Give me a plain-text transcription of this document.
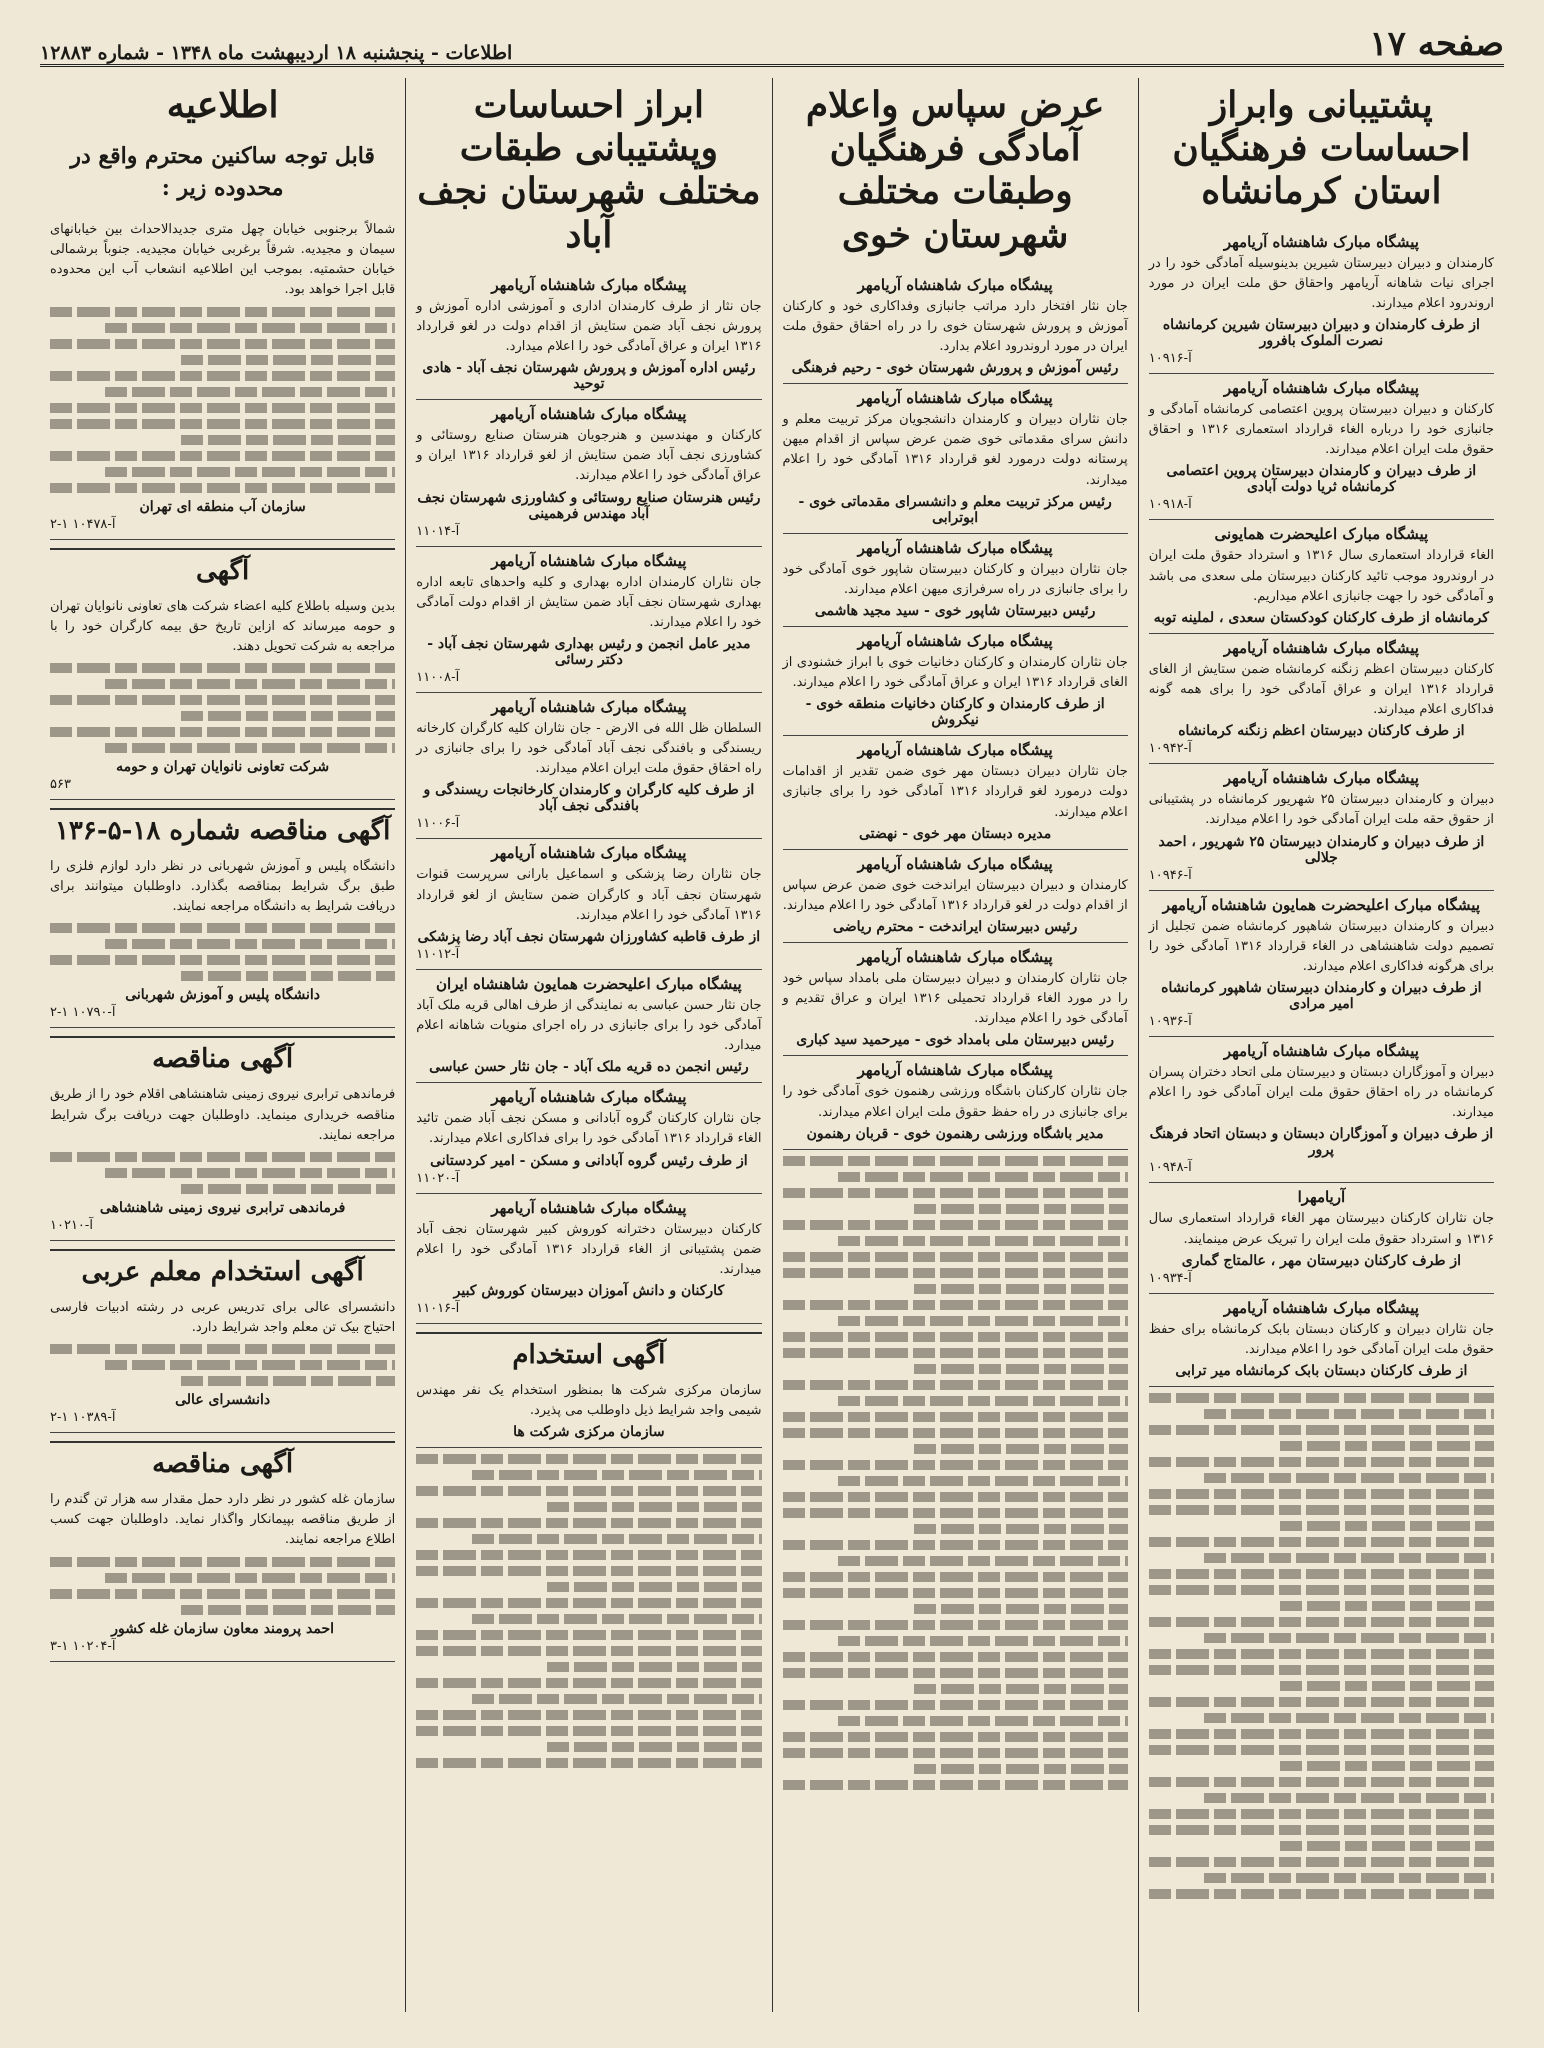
صفحه ۱۷
اطلاعات - پنجشنبه ۱۸ اردیبهشت ماه ۱۳۴۸ - شماره ۱۲۸۸۳
پشتیبانی وابراز احساسات فرهنگیان استان کرمانشاه
پیشگاه مبارک شاهنشاه آریامهر

کارمندان و دبیران دبیرستان شیرین بدینوسیله آمادگی خود را در اجرای نیات شاهانه آریامهر واحقاق حق ملت ایران در مورد اروندرود اعلام میدارند.

از طرف کارمندان و دبیران دبیرستان شیرین کرمانشاه نصرت الملوک بافرور
آ-۱۰۹۱۶
پیشگاه مبارک شاهنشاه آریامهر

کارکنان و دبیران دبیرستان پروین اعتصامی کرمانشاه آمادگی و جانبازی خود را درباره الغاء قرارداد استعماری ۱۳۱۶ و احقاق حقوق ملت ایران اعلام میدارند.

از طرف دبیران و کارمندان دبیرستان پروین اعتصامی کرمانشاه ثریا دولت آبادی
آ-۱۰۹۱۸
پیشگاه مبارک اعلیحضرت همایونی

الغاء قرارداد استعماری سال ۱۳۱۶ و استرداد حقوق ملت ایران در اروندرود موجب تائید کارکنان دبیرستان ملی سعدی می باشد و آمادگی خود را جهت جانبازی اعلام میداریم.

کرمانشاه از طرف کارکنان کودکستان سعدی ، لملینه توبه
پیشگاه مبارک شاهنشاه آریامهر

کارکنان دبیرستان اعظم زنگنه کرمانشاه ضمن ستایش از الغای قرارداد ۱۳۱۶ ایران و عراق آمادگی خود را برای همه گونه فداکاری اعلام میدارند.

از طرف کارکنان دبیرستان اعظم زنگنه کرمانشاه
آ-۱۰۹۴۲
پیشگاه مبارک شاهنشاه آریامهر

دبیران و کارمندان دبیرستان ۲۵ شهریور کرمانشاه در پشتیبانی از حقوق حقه ملت ایران آمادگی خود را اعلام میدارند.

از طرف دبیران و کارمندان دبیرستان ۲۵ شهریور ، احمد جلالی
آ-۱۰۹۴۶
پیشگاه مبارک اعلیحضرت همایون شاهنشاه آریامهر

دبیران و کارمندان دبیرستان شاهپور کرمانشاه ضمن تجلیل از تصمیم دولت شاهنشاهی در الغاء قرارداد ۱۳۱۶ آمادگی خود را برای هرگونه فداکاری اعلام میدارند.

از طرف دبیران و کارمندان دبیرستان شاهپور کرمانشاه امیر مرادی
آ-۱۰۹۳۶
پیشگاه مبارک شاهنشاه آریامهر

دبیران و آموزگاران دبستان و دبیرستان ملی اتحاد دختران پسران کرمانشاه در راه احقاق حقوق ملت ایران آمادگی خود را اعلام میدارند.

از طرف دبیران و آموزگاران دبستان و دبستان اتحاد فرهنگ پرور
آ-۱۰۹۴۸
آریامهرا

جان نثاران کارکنان دبیرستان مهر الغاء قرارداد استعماری سال ۱۳۱۶ و استرداد حقوق ملت ایران را تبریک عرض مینمایند.

از طرف کارکنان دبیرستان مهر ، عالمتاج گماری
آ-۱۰۹۳۴
پیشگاه مبارک شاهنشاه آریامهر

جان نثاران دبیران و کارکنان دبستان بابک کرمانشاه برای حفظ حقوق ملت ایران آمادگی خود را اعلام میدارند.

از طرف کارکنان دبستان بابک کرمانشاه میر ترابی
عرض سپاس واعلام آمادگی فرهنگیان وطبقات مختلف شهرستان خوی
پیشگاه مبارک شاهنشاه آریامهر

جان نثار افتخار دارد مراتب جانبازی وفداکاری خود و کارکنان آموزش و پرورش شهرستان خوی را در راه احقاق حقوق ملت ایران در مورد اروندرود اعلام بدارد.

رئیس آموزش و پرورش شهرستان خوی - رحیم فرهنگی
پیشگاه مبارک شاهنشاه آریامهر

جان نثاران دبیران و کارمندان دانشجویان مرکز تربیت معلم و دانش سرای مقدماتی خوی ضمن عرض سپاس از اقدام میهن پرستانه دولت درمورد لغو قرارداد ۱۳۱۶ آمادگی خود را اعلام میدارند.

رئیس مرکز تربیت معلم و دانشسرای مقدماتی خوی - ابوترابی
پیشگاه مبارک شاهنشاه آریامهر

جان نثاران دبیران و کارکنان دبیرستان شاپور خوی آمادگی خود را برای جانبازی در راه سرفرازی میهن اعلام میدارند.

رئیس دبیرستان شاپور خوی - سید مجید هاشمی
پیشگاه مبارک شاهنشاه آریامهر

جان نثاران کارمندان و کارکنان دخانیات خوی با ابراز خشنودی از الغای قرارداد ۱۳۱۶ ایران و عراق آمادگی خود را اعلام میدارند.

از طرف کارمندان و کارکنان دخانیات منطقه خوی - نیکروش
پیشگاه مبارک شاهنشاه آریامهر

جان نثاران دبیران دبستان مهر خوی ضمن تقدیر از اقدامات دولت درمورد لغو قرارداد ۱۳۱۶ آمادگی خود را برای جانبازی اعلام میدارند.

مدیره دبستان مهر خوی - نهضتی
پیشگاه مبارک شاهنشاه آریامهر

کارمندان و دبیران دبیرستان ایراندخت خوی ضمن عرض سپاس از اقدام دولت در لغو قرارداد ۱۳۱۶ آمادگی خود را اعلام میدارند.

رئیس دبیرستان ایراندخت - محترم ریاضی
پیشگاه مبارک شاهنشاه آریامهر

جان نثاران کارمندان و دبیران دبیرستان ملی بامداد سپاس خود را در مورد الغاء قرارداد تحمیلی ۱۳۱۶ ایران و عراق تقدیم و آمادگی خود را اعلام میدارند.

رئیس دبیرستان ملی بامداد خوی - میرحمید سید کباری
پیشگاه مبارک شاهنشاه آریامهر

جان نثاران کارکنان باشگاه ورزشی رهنمون خوی آمادگی خود را برای جانبازی در راه حفظ حقوق ملت ایران اعلام میدارند.

مدیر باشگاه ورزشی رهنمون خوی - قربان رهنمون
ابراز احساسات وپشتیبانی طبقات مختلف شهرستان نجف آباد
پیشگاه مبارک شاهنشاه آریامهر

جان نثار از طرف کارمندان اداری و آموزشی اداره آموزش و پرورش نجف آباد ضمن ستایش از اقدام دولت در لغو قرارداد ۱۳۱۶ ایران و عراق آمادگی خود را اعلام میدارد.

رئیس اداره آموزش و پرورش شهرستان نجف آباد - هادی توحید
پیشگاه مبارک شاهنشاه آریامهر

کارکنان و مهندسین و هنرجویان هنرستان صنایع روستائی و کشاورزی نجف آباد ضمن ستایش از لغو قرارداد ۱۳۱۶ ایران و عراق آمادگی خود را اعلام میدارند.

رئیس هنرستان صنایع روستائی و کشاورزی شهرستان نجف آباد مهندس فرهمینی
آ-۱۱۰۱۴
پیشگاه مبارک شاهنشاه آریامهر

جان نثاران کارمندان اداره بهداری و کلیه واحدهای تابعه اداره بهداری شهرستان نجف آباد ضمن ستایش از اقدام دولت آمادگی خود را اعلام میدارند.

مدیر عامل انجمن و رئیس بهداری شهرستان نجف آباد - دکتر رسائی
آ-۱۱۰۰۸
پیشگاه مبارک شاهنشاه آریامهر

السلطان ظل الله فی الارض - جان نثاران کلیه کارگران کارخانه ریسندگی و بافندگی نجف آباد آمادگی خود را برای جانبازی در راه احقاق حقوق ملت ایران اعلام میدارند.

از طرف کلیه کارگران و کارمندان کارخانجات ریسندگی و بافندگی نجف آباد
آ-۱۱۰۰۶
پیشگاه مبارک شاهنشاه آریامهر

جان نثاران رضا پزشکی و اسماعیل بارانی سرپرست قنوات شهرستان نجف آباد و کارگران ضمن ستایش از لغو قرارداد ۱۳۱۶ آمادگی خود را اعلام میدارند.

از طرف قاطبه کشاورزان شهرستان نجف آباد رضا پزشکی
آ-۱۱۰۱۲
پیشگاه مبارک اعلیحضرت همایون شاهنشاه ایران

جان نثار حسن عباسی به نمایندگی از طرف اهالی قریه ملک آباد آمادگی خود را برای جانبازی در راه اجرای منویات شاهانه اعلام میدارد.

رئیس انجمن ده قریه ملک آباد - جان نثار حسن عباسی
پیشگاه مبارک شاهنشاه آریامهر

جان نثاران کارکنان گروه آبادانی و مسکن نجف آباد ضمن تائید الغاء قرارداد ۱۳۱۶ آمادگی خود را برای فداکاری اعلام میدارند.

از طرف رئیس گروه آبادانی و مسکن - امیر کردستانی
آ-۱۱۰۲۰
پیشگاه مبارک شاهنشاه آریامهر

کارکنان دبیرستان دخترانه کوروش کبیر شهرستان نجف آباد ضمن پشتیبانی از الغاء قرارداد ۱۳۱۶ آمادگی خود را اعلام میدارند.

کارکنان و دانش آموزان دبیرستان کوروش کبیر
آ-۱۱۰۱۶
آگهی استخدام

سازمان مرکزی شرکت ها بمنظور استخدام یک نفر مهندس شیمی واجد شرایط ذیل داوطلب می پذیرد.

سازمان مرکزی شرکت ها
اطلاعیه
قابل توجه ساکنین محترم واقع در محدوده زیر :

شمالاً برجنوبی خیابان چهل متری جدیدالاحداث بین خیابانهای سیمان و مجیدیه. شرقاً برغربی خیابان مجیدیه. جنوباً برشمالی خیابان حشمتیه. بموجب این اطلاعیه انشعاب آب این محدوده قابل اجرا خواهد بود.

سازمان آب منطقه ای تهران
۲-۱ آ-۱۰۴۷۸
آگهی

بدین وسیله باطلاع کلیه اعضاء شرکت های تعاونی نانوایان تهران و حومه میرساند که ازاین تاریخ حق بیمه کارگران خود را با مراجعه به شرکت تحویل دهند.

شرکت تعاونی نانوایان تهران و حومه
۵۶۳
آگهی مناقصه شماره ۱۸-۵-۱۳۶

دانشگاه پلیس و آموزش شهربانی در نظر دارد لوازم فلزی را طبق برگ شرایط بمناقصه بگذارد. داوطلبان میتوانند برای دریافت شرایط به دانشگاه مراجعه نمایند.

دانشگاه پلیس و آموزش شهربانی
۲-۱ آ-۱۰۷۹۰
آگهی مناقصه

فرماندهی ترابری نیروی زمینی شاهنشاهی اقلام خود را از طریق مناقصه خریداری مینماید. داوطلبان جهت دریافت برگ شرایط مراجعه نمایند.

فرماندهی ترابری نیروی زمینی شاهنشاهی
آ-۱۰۲۱۰
آگهی استخدام معلم عربی

دانشسرای عالی برای تدریس عربی در رشته ادبیات فارسی احتیاج بیک تن معلم واجد شرایط دارد.

دانشسرای عالی
۲-۱ آ-۱۰۳۸۹
آگهی مناقصه

سازمان غله کشور در نظر دارد حمل مقدار سه هزار تن گندم را از طریق مناقصه بپیمانکار واگذار نماید. داوطلبان جهت کسب اطلاع مراجعه نمایند.

احمد پرومند معاون سازمان غله کشور
۳-۱ آ-۱۰۲۰۴
